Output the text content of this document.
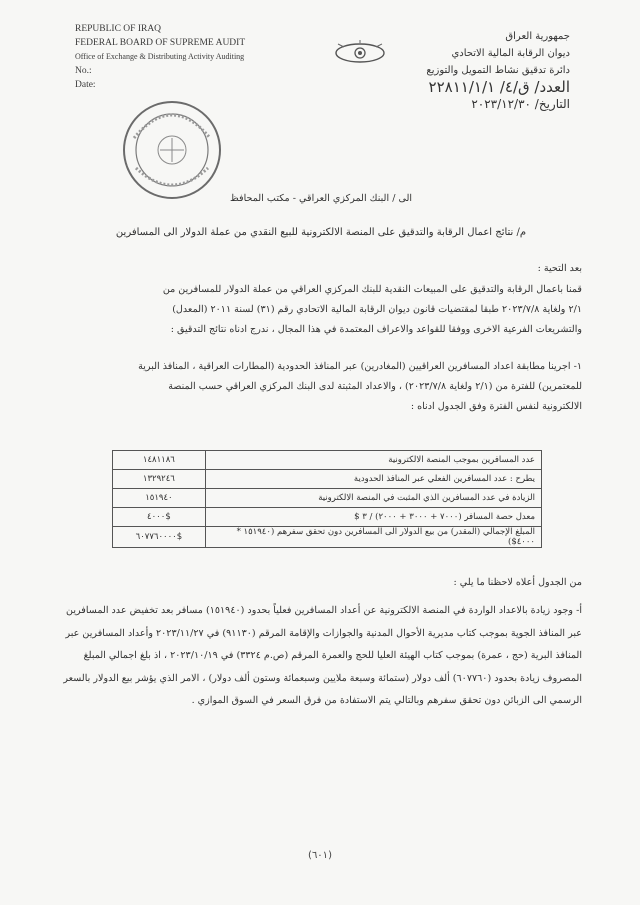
REPUBLIC OF IRAQ
FEDERAL BOARD OF SUPREME AUDIT
Office of Exchange & Distributing Activity Auditing
No.:
Date:
جمهورية العراق
ديوان الرقابة المالية الاتحادي
دائرة تدقيق نشاط التمويل والتوزيع
العدد/ ق/٤/ ٢٢٨١١/١/١
التاريخ/ ٢٠٢٣/١٢/٣٠
الى / البنك المركزي العراقي - مكتب المحافظ
م/ نتائج اعمال الرقابة والتدقيق على المنصة الالكترونية للبيع النقدي من عملة الدولار الى المسافرين
بعد التحية :

قمنا باعمال الرقابة والتدقيق على المبيعات النقدية للبنك المركزي العراقي من عملة الدولار للمسافرين من

٢/١ ولغاية ٢٠٢٣/٧/٨ طبقا لمقتضيات قانون ديوان الرقابة المالية الاتحادي رقم (٣١) لسنة ٢٠١١ (المعدل)

والتشريعات الفرعية الاخرى ووفقا للقواعد والاعراف المعتمدة في هذا المجال ، ندرج ادناه نتائج التدقيق :

١- اجرينا مطابقة اعداد المسافرين العراقيين (المغادرين) عبر المنافذ الحدودية (المطارات العراقية ، المنافذ البرية

للمعتمرين) للفترة من (٢/١ ولغاية ٢٠٢٣/٧/٨) ، والاعداد المثبتة لدى البنك المركزي العراقي حسب المنصة

الالكترونية لنفس الفترة وفق الجدول ادناه :

عدد المسافرين بموجب المنصة الالكترونية	١٤٨١١٨٦
يطرح : عدد المسافرين الفعلي عبر المنافذ الحدودية	١٣٢٩٢٤٦
الزيادة في عدد المسافرين الذي المثبت في المنصة الالكترونية	١٥١٩٤٠
معدل حصة المسافر (٧٠٠٠ + ٣٠٠٠ + ٢٠٠٠) / ٣ $	$٤٠٠٠
المبلغ الإجمالي (المقدر) من بيع الدولار الى المسافرين دون تحقق سفرهم (١٥١٩٤٠ * ٤٠٠٠$)	$٦٠٧٧٦٠٠٠٠
من الجدول أعلاه لاحظنا ما يلي :
أ- وجود زيادة بالاعداد الواردة في المنصة الالكترونية عن أعداد المسافرين فعلياً بحدود (١٥١٩٤٠) مسافر بعد تخفيض عدد المسافرين عبر المنافذ الجوية بموجب كتاب مديرية الأحوال المدنية والجوازات والإقامة المرقم (٩١١٣٠) في ٢٠٢٣/١١/٢٧ وأعداد المسافرين عبر المنافذ البرية (حج ، عمرة) بموجب كتاب الهيئة العليا للحج والعمرة المرقم (ص.م ٣٣٢٤) في ٢٠٢٣/١٠/١٩ ، اذ بلغ اجمالي المبلغ المصروف زيادة بحدود (٦٠٧٧٦٠) ألف دولار (ستمائة وسبعة ملايين وسبعمائة وستون ألف دولار) ، الامر الذي يؤشر بيع الدولار بالسعر الرسمي الى الزبائن دون تحقق سفرهم وبالتالي يتم الاستفادة من فرق السعر في السوق الموازي .
(٦٠١)
